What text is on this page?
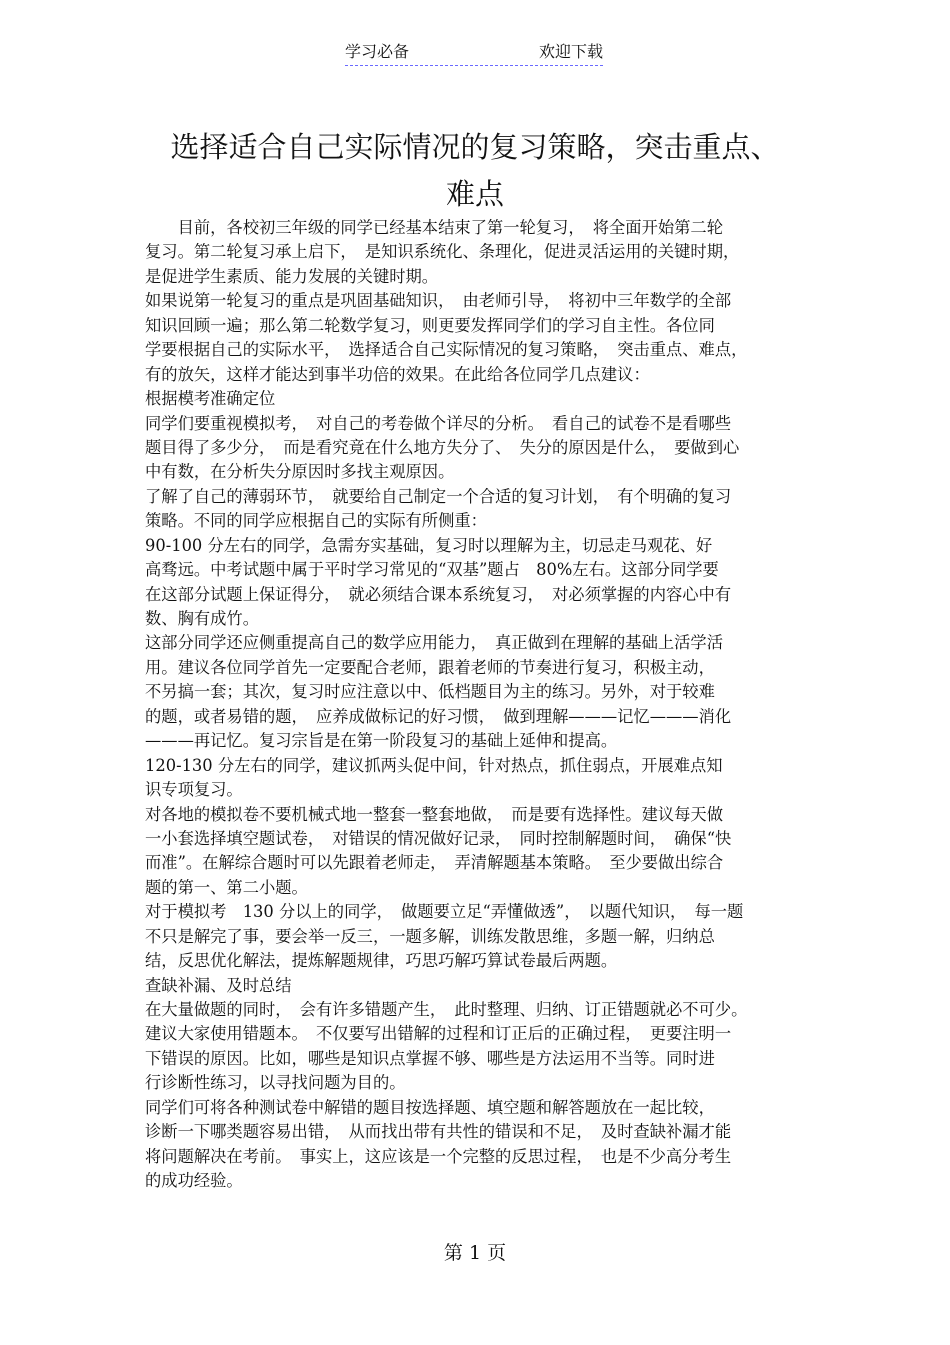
学习必备	欢迎下载
选择适合自己实际情况的复习策略，突击重点、
难点
　　目前，各校初三年级的同学已经基本结束了第一轮复习，　将全面开始第二轮
复习。第二轮复习承上启下，　是知识系统化、条理化，促进灵活运用的关键时期，
是促进学生素质、能力发展的关键时期。
如果说第一轮复习的重点是巩固基础知识，　由老师引导，　将初中三年数学的全部
知识回顾一遍；那么第二轮数学复习，则更要发挥同学们的学习自主性。各位同
学要根据自己的实际水平，　选择适合自己实际情况的复习策略，　突击重点、难点，
有的放矢，这样才能达到事半功倍的效果。在此给各位同学几点建议：
根据模考准确定位
同学们要重视模拟考，　对自己的考卷做个详尽的分析。　看自己的试卷不是看哪些
题目得了多少分，　而是看究竟在什么地方失分了、　失分的原因是什么，　要做到心
中有数，在分析失分原因时多找主观原因。
了解了自己的薄弱环节，　就要给自己制定一个合适的复习计划，　有个明确的复习
策略。不同的同学应根据自己的实际有所侧重：
90-100 分左右的同学，急需夯实基础，复习时以理解为主，切忌走马观花、好
高骛远。中考试题中属于平时学习常见的“双基”题占　80%左右。这部分同学要
在这部分试题上保证得分，　就必须结合课本系统复习，　对必须掌握的内容心中有
数、胸有成竹。
这部分同学还应侧重提高自己的数学应用能力，　真正做到在理解的基础上活学活
用。建议各位同学首先一定要配合老师，跟着老师的节奏进行复习，积极主动，
不另搞一套；其次，复习时应注意以中、低档题目为主的练习。另外，对于较难
的题，或者易错的题，　应养成做标记的好习惯，　做到理解———记忆———消化
———再记忆。复习宗旨是在第一阶段复习的基础上延伸和提高。
120-130 分左右的同学，建议抓两头促中间，针对热点，抓住弱点，开展难点知
识专项复习。
对各地的模拟卷不要机械式地一整套一整套地做，　而是要有选择性。建议每天做
一小套选择填空题试卷，　对错误的情况做好记录，　同时控制解题时间，　确保“快
而准”。在解综合题时可以先跟着老师走，　弄清解题基本策略。　至少要做出综合
题的第一、第二小题。
对于模拟考　130 分以上的同学，　做题要立足“弄懂做透”，　以题代知识，　每一题
不只是解完了事，要会举一反三，一题多解，训练发散思维，多题一解，归纳总
结，反思优化解法，提炼解题规律，巧思巧解巧算试卷最后两题。
查缺补漏、及时总结
在大量做题的同时，　会有许多错题产生，　此时整理、归纳、订正错题就必不可少。
建议大家使用错题本。　不仅要写出错解的过程和订正后的正确过程，　更要注明一
下错误的原因。比如，哪些是知识点掌握不够、哪些是方法运用不当等。同时进
行诊断性练习，以寻找问题为目的。
同学们可将各种测试卷中解错的题目按选择题、填空题和解答题放在一起比较，
诊断一下哪类题容易出错，　从而找出带有共性的错误和不足，　及时查缺补漏才能
将问题解决在考前。　事实上，这应该是一个完整的反思过程，　也是不少高分考生
的成功经验。
第 1 页
